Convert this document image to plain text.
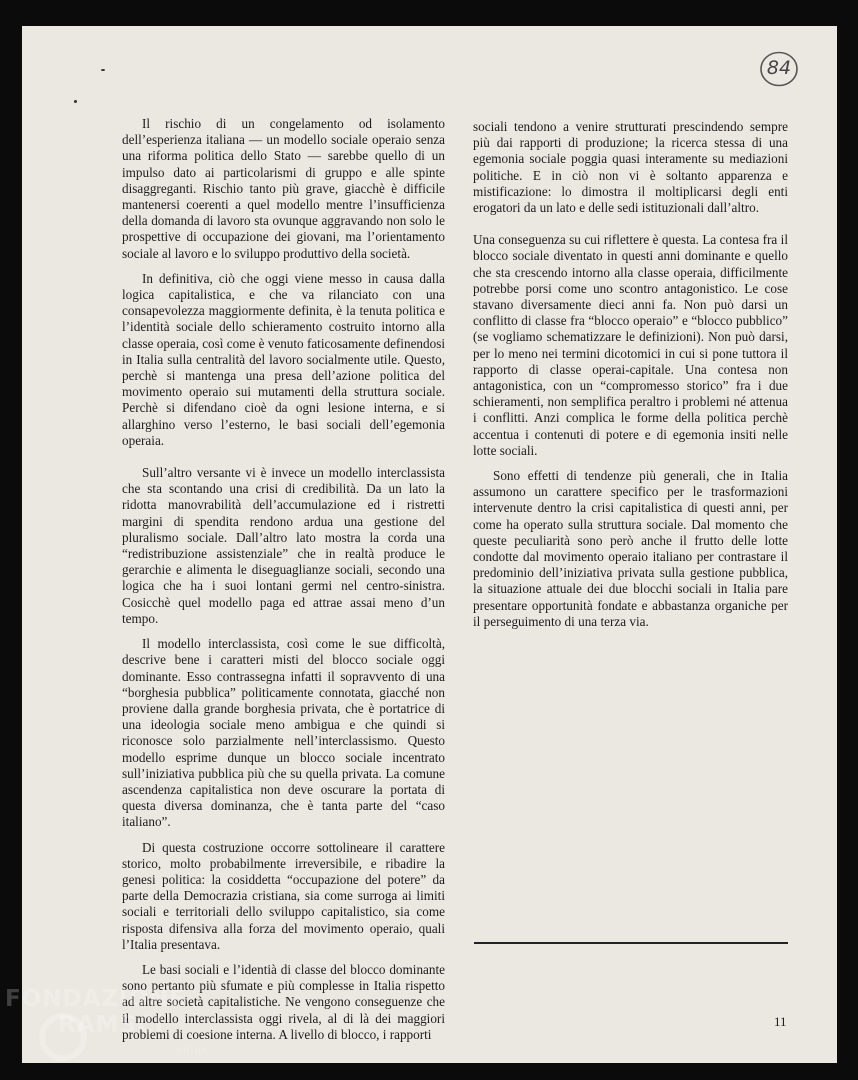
84

Il rischio di un congelamento od isolamento dell’esperienza italiana — un modello sociale operaio senza una riforma politica dello Stato — sarebbe quello di un impulso dato ai particolarismi di gruppo e alle spinte disaggreganti. Rischio tanto più grave, giacchè è difficile mantenersi coerenti a quel modello mentre l’insufficienza della domanda di lavoro sta ovunque aggravando non solo le prospettive di occupazione dei giovani, ma l’orientamento sociale al lavoro e lo sviluppo produttivo della società.

In definitiva, ciò che oggi viene messo in causa dalla logica capitalistica, e che va rilanciato con una consapevolezza maggiormente definita, è la tenuta politica e l’identità sociale dello schieramento costruito intorno alla classe operaia, così come è venuto faticosamente definendosi in Italia sulla centralità del lavoro socialmente utile. Questo, perchè si mantenga una presa dell’azione politica del movimento operaio sui mutamenti della struttura sociale. Perchè si difendano cioè da ogni lesione interna, e si allarghino verso l’esterno, le basi sociali dell’egemonia operaia.

Sull’altro versante vi è invece un modello interclassista che sta scontando una crisi di credibilità. Da un lato la ridotta manovrabilità dell’accumulazione ed i ristretti margini di spendita rendono ardua una gestione del pluralismo sociale. Dall’altro lato mostra la corda una “redistribuzione assistenziale” che in realtà produce le gerarchie e alimenta le diseguaglianze sociali, secondo una logica che ha i suoi lontani germi nel centro-sinistra. Cosicchè quel modello paga ed attrae assai meno d’un tempo.

Il modello interclassista, così come le sue difficoltà, descrive bene i caratteri misti del blocco sociale oggi dominante. Esso contrassegna infatti il sopravvento di una “borghesia pubblica” politicamente connotata, giacché non proviene dalla grande borghesia privata, che è portatrice di una ideologia sociale meno ambigua e che quindi si riconosce solo parzialmente nell’interclassismo. Questo modello esprime dunque un blocco sociale incentrato sull’iniziativa pubblica più che su quella privata. La comune ascendenza capitalistica non deve oscurare la portata di questa diversa dominanza, che è tanta parte del “caso italiano”.

Di questa costruzione occorre sottolineare il carattere storico, molto probabilmente irreversibile, e ribadire la genesi politica: la cosiddetta “occupazione del potere” da parte della Democrazia cristiana, sia come surroga ai limiti sociali e territoriali dello sviluppo capitalistico, sia come risposta difensiva alla forza del movimento operaio, quali l’Italia presentava.

Le basi sociali e l’identià di classe del blocco dominante sono pertanto più sfumate e più complesse in Italia rispetto ad altre società capitalistiche. Ne vengono conseguenze che il modello interclassista oggi rivela, al di là dei maggiori problemi di coesione interna. A livello di blocco, i rapporti

sociali tendono a venire strutturati prescindendo sempre più dai rapporti di produzione; la ricerca stessa di una egemonia sociale poggia quasi interamente su mediazioni politiche. E in ciò non vi è soltanto apparenza e mistificazione: lo dimostra il moltiplicarsi degli enti erogatori da un lato e delle sedi istituzionali dall’altro.

Una conseguenza su cui riflettere è questa. La contesa fra il blocco sociale diventato in questi anni dominante e quello che sta crescendo intorno alla classe operaia, difficilmente potrebbe porsi come uno scontro antagonistico. Le cose stavano diversamente dieci anni fa. Non può darsi un conflitto di classe fra “blocco operaio” e “blocco pubblico” (se vogliamo schematizzare le definizioni). Non può darsi, per lo meno nei termini dicotomici in cui si pone tuttora il rapporto di classe operai-capitale. Una contesa non antagonistica, con un “compromesso storico” fra i due schieramenti, non semplifica peraltro i problemi né attenua i conflitti. Anzi complica le forme della politica perchè accentua i contenuti di potere e di egemonia insiti nelle lotte sociali.

Sono effetti di tendenze più generali, che in Italia assumono un carattere specifico per le trasformazioni intervenute dentro la crisi capitalistica di questi anni, per come ha operato sulla struttura sociale. Dal momento che queste peculiarità sono però anche il frutto delle lotte condotte dal movimento operaio italiano per contrastare il predominio dell’iniziativa privata sulla gestione pubblica, la situazione attuale dei due blocchi sociali in Italia pare presentare opportunità fondate e abbastanza organiche per il perseguimento di una terza via.

11
FONDAZIONE
RAMSCI
onlus
